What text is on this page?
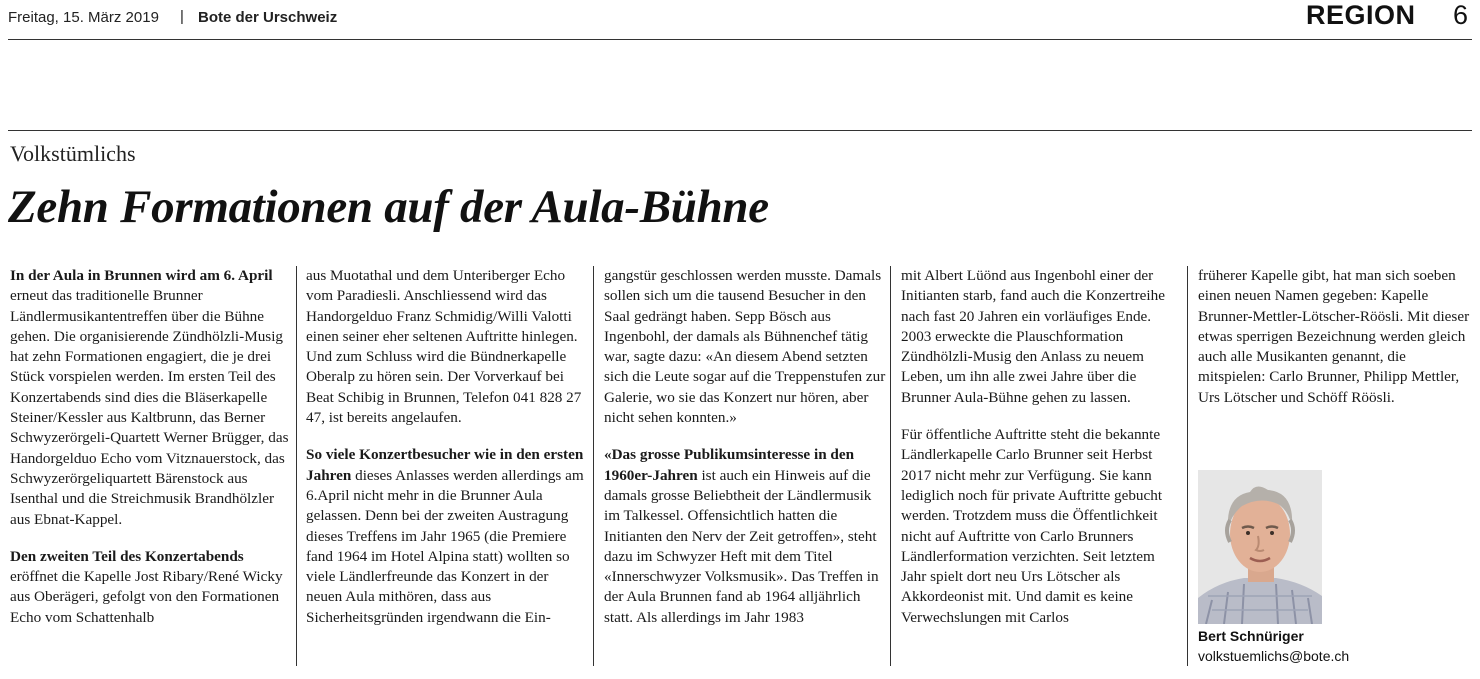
Freitag, 15. März 2019 | Bote der Urschweiz	REGION 6
Volkstümlichs
Zehn Formationen auf der Aula-Bühne

In der Aula in Brunnen wird am 6. April erneut das traditionelle Brunner Ländlermusikantentreffen über die Bühne gehen. Die organisierende Zündhölzli-Musig hat zehn Formationen engagiert, die je drei Stück vorspielen werden. Im ersten Teil des Konzertabends sind dies die Bläserkapelle Steiner/Kessler aus Kaltbrunn, das Berner Schwyzerörgeli-Quartett Werner Brügger, das Handorgelduo Echo vom Vitznauerstock, das Schwyzerörgeliquartett Bärenstock aus Isenthal und die Streichmusik Brandhölzler aus Ebnat-Kappel.

Den zweiten Teil des Konzertabends eröffnet die Kapelle Jost Ribary/René Wicky aus Oberägeri, gefolgt von den Formationen Echo vom Schattenhalb

aus Muotathal und dem Unteriberger Echo vom Paradiesli. Anschliessend wird das Handorgelduo Franz Schmidig/Willi Valotti einen seiner eher seltenen Auftritte hinlegen. Und zum Schluss wird die Bündnerkapelle Oberalp zu hören sein. Der Vorverkauf bei Beat Schibig in Brunnen, Telefon 041 828 27 47, ist bereits angelaufen.

So viele Konzertbesucher wie in den ersten Jahren dieses Anlasses werden allerdings am 6.April nicht mehr in die Brunner Aula gelassen. Denn bei der zweiten Austragung dieses Treffens im Jahr 1965 (die Premiere fand 1964 im Hotel Alpina statt) wollten so viele Ländlerfreunde das Konzert in der neuen Aula mithören, dass aus Sicherheitsgründen irgendwann die Ein-

gangstür geschlossen werden musste. Damals sollen sich um die tausend Besucher in den Saal gedrängt haben. Sepp Bösch aus Ingenbohl, der damals als Bühnenchef tätig war, sagte dazu: «An diesem Abend setzten sich die Leute sogar auf die Treppenstufen zur Galerie, wo sie das Konzert nur hören, aber nicht sehen konnten.»

«Das grosse Publikumsinteresse in den 1960er-Jahren ist auch ein Hinweis auf die damals grosse Beliebtheit der Ländlermusik im Talkessel. Offensichtlich hatten die Initianten den Nerv der Zeit getroffen», steht dazu im Schwyzer Heft mit dem Titel «Innerschwyzer Volksmusik». Das Treffen in der Aula Brunnen fand ab 1964 alljährlich statt. Als allerdings im Jahr 1983

mit Albert Lüönd aus Ingenbohl einer der Initianten starb, fand auch die Konzertreihe nach fast 20 Jahren ein vorläufiges Ende. 2003 erweckte die Plauschformation Zündhölzli-Musig den Anlass zu neuem Leben, um ihn alle zwei Jahre über die Brunner Aula-Bühne gehen zu lassen.

Für öffentliche Auftritte steht die bekannte Ländlerkapelle Carlo Brunner seit Herbst 2017 nicht mehr zur Verfügung. Sie kann lediglich noch für private Auftritte gebucht werden. Trotzdem muss die Öffentlichkeit nicht auf Auftritte von Carlo Brunners Ländlerformation verzichten. Seit letztem Jahr spielt dort neu Urs Lötscher als Akkordeonist mit. Und damit es keine Verwechslungen mit Carlos

früherer Kapelle gibt, hat man sich soeben einen neuen Namen gegeben: Kapelle Brunner-Mettler-Lötscher-Röösli. Mit dieser etwas sperrigen Bezeichnung werden gleich auch alle Musikanten genannt, die mitspielen: Carlo Brunner, Philipp Mettler, Urs Lötscher und Schöff Röösli.

Bert Schnüriger
volkstuemlichs@bote.ch
